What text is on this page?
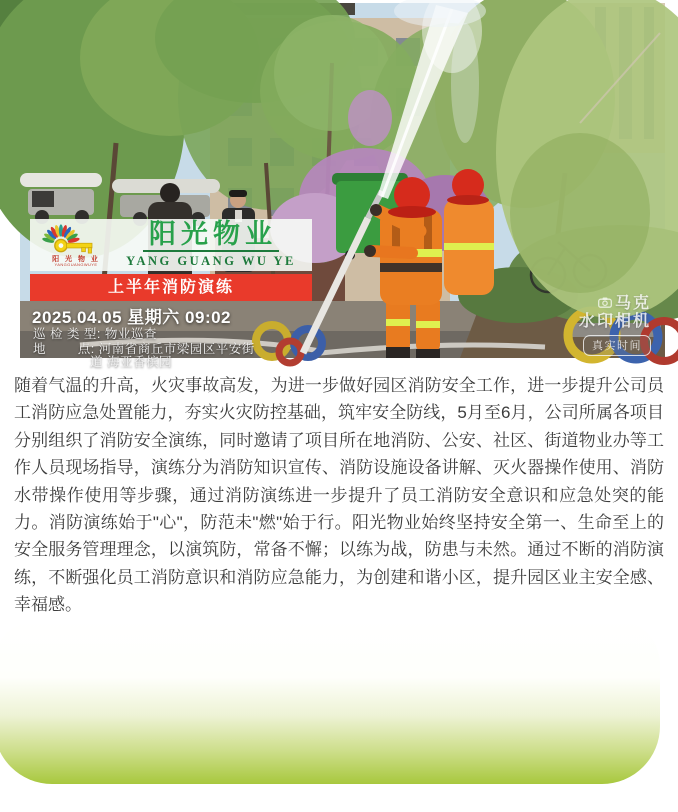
阳 光 物 业
YANGGUANGWUYE
阳光物业
YANG GUANG WU YE
上半年消防演练
2025.04.05 星期六 09:02
巡 检 类 型: 物业巡查
地        点: 河南省商丘市梁园区平安街
道 海亚香槟园
马克
水印相机
真实时间

随着气温的升高，火灾事故高发，为进一步做好园区消防安全工作，进一步提升公司员工消防应急处置能力，夯实火灾防控基础，筑牢安全防线，5月至6月，公司所属各项目分别组织了消防安全演练，同时邀请了项目所在地消防、公安、社区、街道物业办等工作人员现场指导，演练分为消防知识宣传、消防设施设备讲解、灭火器操作使用、消防水带操作使用等步骤，通过消防演练进一步提升了员工消防安全意识和应急处突的能力。消防演练始于"心"，防范未"燃"始于行。阳光物业始终坚持安全第一、生命至上的安全服务管理理念，以演筑防，常备不懈；以练为战，防患与未然。通过不断的消防演练，不断强化员工消防意识和消防应急能力，为创建和谐小区，提升园区业主安全感、幸福感。
